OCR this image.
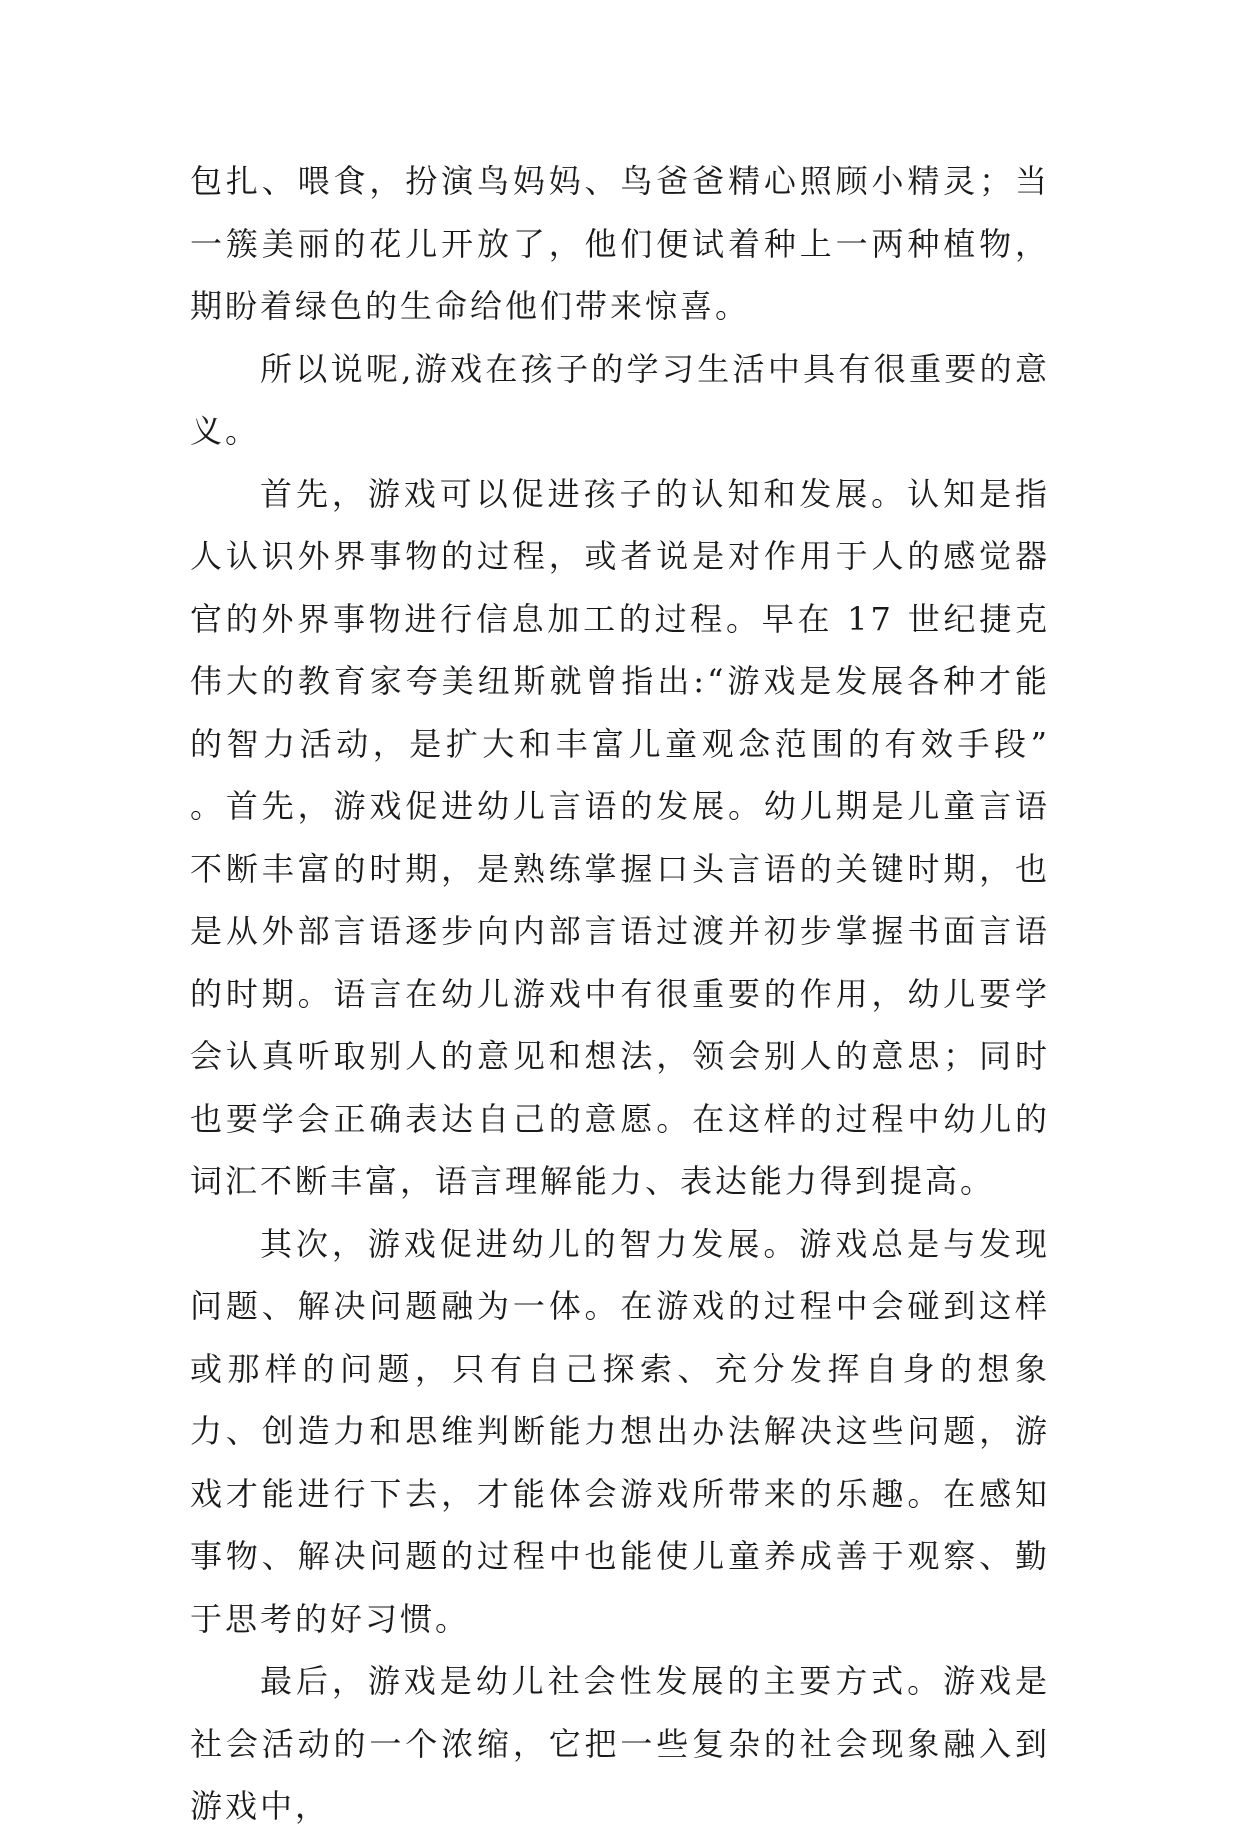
包扎、喂食，扮演鸟妈妈、鸟爸爸精心照顾小精灵；当一簇美丽的花儿开放了，他们便试着种上一两种植物，期盼着绿色的生命给他们带来惊喜。

所以说呢,游戏在孩子的学习生活中具有很重要的意义。

首先，游戏可以促进孩子的认知和发展。认知是指人认识外界事物的过程，或者说是对作用于人的感觉器官的外界事物进行信息加工的过程。早在 17 世纪捷克伟大的教育家夸美纽斯就曾指出:“游戏是发展各种才能的智力活动，是扩大和丰富儿童观念范围的有效手段” 。首先，游戏促进幼儿言语的发展。幼儿期是儿童言语不断丰富的时期，是熟练掌握口头言语的关键时期，也是从外部言语逐步向内部言语过渡并初步掌握书面言语的时期。语言在幼儿游戏中有很重要的作用，幼儿要学会认真听取别人的意见和想法，领会别人的意思；同时也要学会正确表达自己的意愿。在这样的过程中幼儿的词汇不断丰富，语言理解能力、表达能力得到提高。

其次，游戏促进幼儿的智力发展。游戏总是与发现问题、解决问题融为一体。在游戏的过程中会碰到这样或那样的问题，只有自己探索、充分发挥自身的想象力、创造力和思维判断能力想出办法解决这些问题，游戏才能进行下去，才能体会游戏所带来的乐趣。在感知事物、解决问题的过程中也能使儿童养成善于观察、勤于思考的好习惯。

最后，游戏是幼儿社会性发展的主要方式。游戏是社会活动的一个浓缩，它把一些复杂的社会现象融入到游戏中，
